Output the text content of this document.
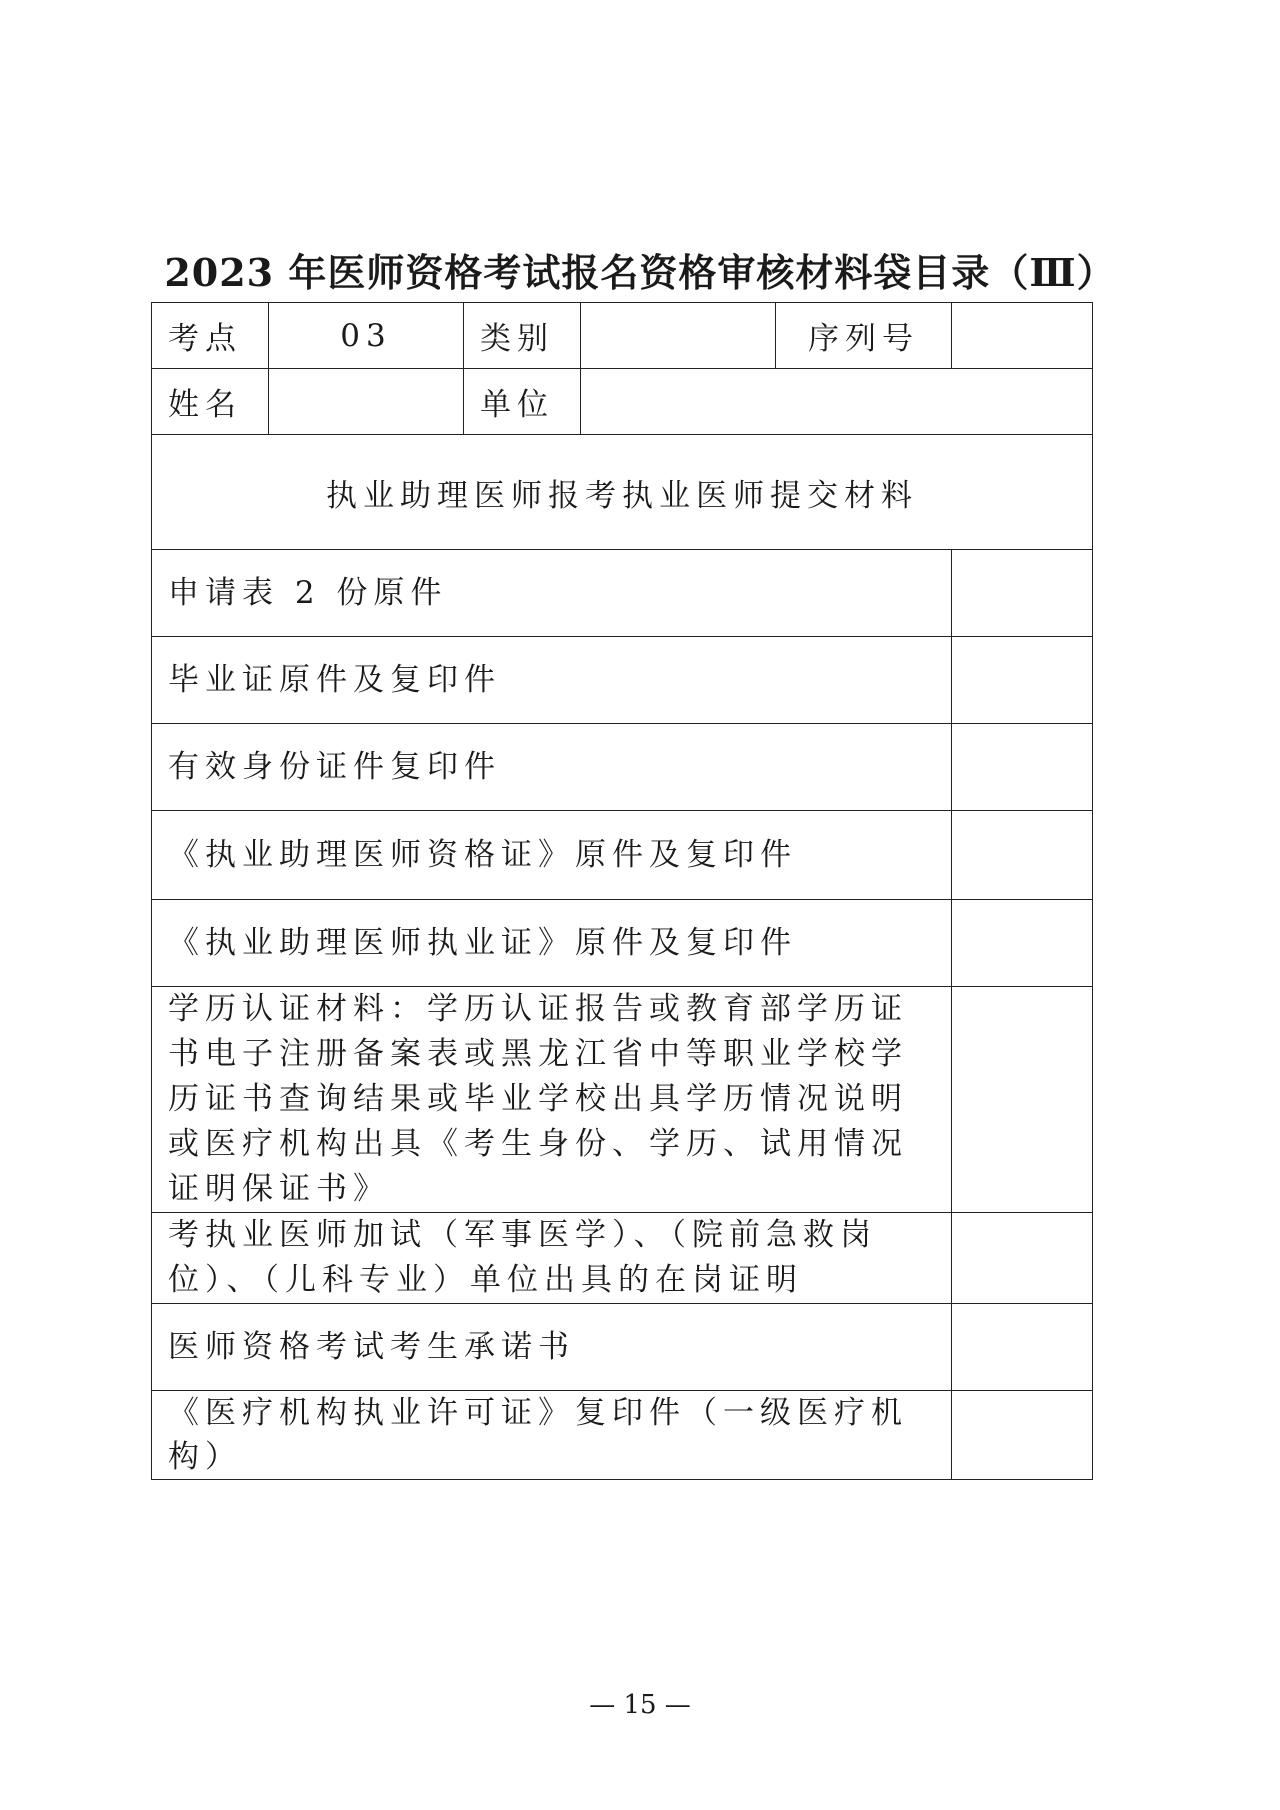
2023 年医师资格考试报名资格审核材料袋目录（Ⅲ）
考点	03	类别		序列号	
姓名		单位			
执业助理医师报考执业医师提交材料					
申请表 2 份原件					
毕业证原件及复印件					
有效身份证件复印件					
《执业助理医师资格证》原件及复印件					
《执业助理医师执业证》原件及复印件					
学历认证材料：学历认证报告或教育部学历证书电子注册备案表或黑龙江省中等职业学校学历证书查询结果或毕业学校出具学历情况说明或医疗机构出具《考生身份、学历、试用情况证明保证书》					
考执业医师加试（军事医学）、（院前急救岗位）、（儿科专业）单位出具的在岗证明					
医师资格考试考生承诺书					
《医疗机构执业许可证》复印件（一级医疗机构）					
— 15 —
